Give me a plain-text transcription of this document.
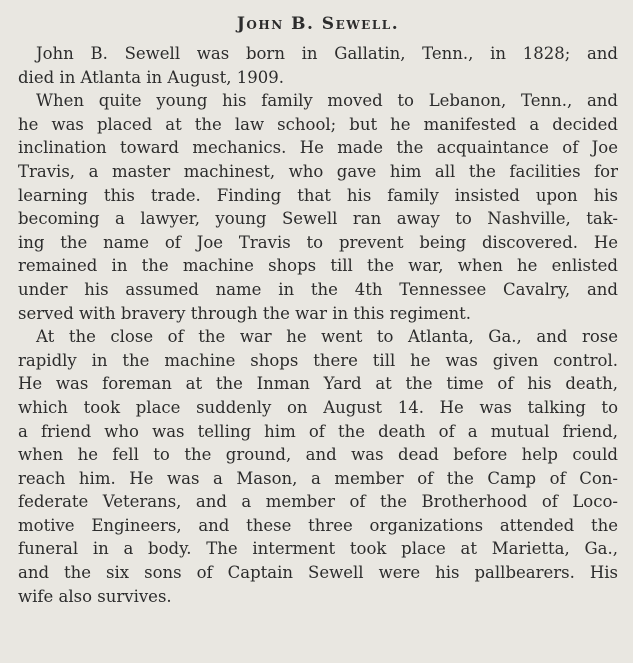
John B. Sewell.

John B. Sewell was born in Gallatin, Tenn., in 1828; and
died in Atlanta in August, 1909.

When quite young his family moved to Lebanon, Tenn., and
he was placed at the law school; but he manifested a decided
inclination toward mechanics. He made the acquaintance of Joe
Travis, a master machinest, who gave him all the facilities for
learning this trade. Finding that his family insisted upon his
becoming a lawyer, young Sewell ran away to Nashville, tak-
ing the name of Joe Travis to prevent being discovered. He
remained in the machine shops till the war, when he enlisted
under his assumed name in the 4th Tennessee Cavalry, and
served with bravery through the war in this regiment.

At the close of the war he went to Atlanta, Ga., and rose
rapidly in the machine shops there till he was given control.
He was foreman at the Inman Yard at the time of his death,
which took place suddenly on August 14. He was talking to
a friend who was telling him of the death of a mutual friend,
when he fell to the ground, and was dead before help could
reach him. He was a Mason, a member of the Camp of Con-
federate Veterans, and a member of the Brotherhood of Loco-
motive Engineers, and these three organizations attended the
funeral in a body. The interment took place at Marietta, Ga.,
and the six sons of Captain Sewell were his pallbearers. His
wife also survives.
